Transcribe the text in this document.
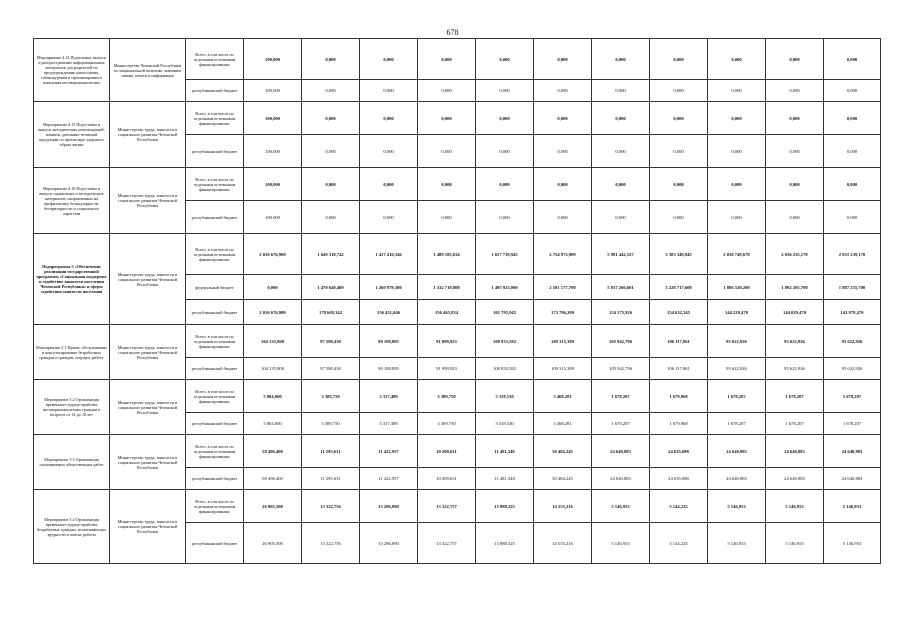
678
Мероприятие 4.14 Подготовка, выпуск и распространение информационных материалов для родителей по предупреждению алкоголизма, табакокурения и противоправного поведения несовершеннолетних	Министерство Чеченской Республики по национальной политике, внешним связям, печати и информации	Всего, в том числе по отдельным источникам финансирования:	100,000	0,000	0,000	0,000	0,000	0,000	0,000	0,000	0,000	0,000	0,000
		республиканский бюджет	100,000	0,000	0,000	0,000	0,000	0,000	0,000	0,000	0,000	0,000	0,000
Мероприятие 4.15 Подготовка и выпуск методических рекомендаций, памяток, рекламно-печатной продукции по пропаганде здорового образа жизни	Министерство труда, занятости и социального развития Чеченской Республики	Всего, в том числе по отдельным источникам финансирования:	100,000	0,000	0,000	0,000	0,000	0,000	0,000	0,000	0,000	0,000	0,000
		республиканский бюджет	100,000	0,000	0,000	0,000	0,000	0,000	0,000	0,000	0,000	0,000	0,000
Мероприятие 4.16 Подготовка и выпуск справочных и методических материалов, направленных на профилактику безнадзорности, беспризорности и социального сиротства	Министерство труда, занятости и социального развития Чеченской Республики	Всего, в том числе по отдельным источникам финансирования:	100,000	0,000	0,000	0,000	0,000	0,000	0,000	0,000	0,000	0,000	0,000
		республиканский бюджет	100,000	0,000	0,000	0,000	0,000	0,000	0,000	0,000	0,000	0,000	0,000
Подпрограмма 5 «Обеспечение реализации государственной программы «Социальная поддержка и содействие занятости населения Чеченской Республики» и сферы содействия занятости населения	Министерство труда, занятости и социального развития Чеченской Республики	Всего, в том числе по отдельным источникам финансирования:	2 016 676,900	1 649 318,742	1 417 410,346	1 489 185,634	1 657 718,945	2 754 973,909	5 991 442,527	3 383 349,945	2 030 749,670	2 036 235,170	2 031 239,170
		федеральный бюджет	0,000	1 470 649,400	1 260 979,300	1 332 719,800	1 495 923,000	2 581 177,700	5 837 266,601	3 228 717,600	1 886 520,200	1 892 205,700	1 887 255,700
		республиканский бюджет	2 016 676,900	178 669,342	156 431,046	156 465,834	161 795,945	173 796,209	154 175,926	154 632,345	144 229,470	144 029,470	143 979,470
Мероприятие 5.1 Прием, обслуживание и консультирование безработных граждан и граждан, ищущих работу	Министерство труда, занятости и социального развития Чеченской Республики	Всего, в том числе по отдельным источникам финансирования:	104 135,800	97 580,430	90 188,895	91 099,923	100 933,582	109 315,389	105 942,796	106 117,861	95 622,926	95 622,926	95 622,926
		республиканский бюджет	104 135,800	97 580,430	90 188,895	91 099,923	100 933,582	109 315,389	105 942,796	106 117,861	95 622,926	95 622,926	95 622,926
Мероприятие 5.2 Организация временного трудоустройства несовершеннолетних граждан в возрасте от 14 до 18 лет	Министерство труда, занятости и социального развития Чеченской Республики	Всего, в том числе по отдельным источникам финансирования:	5 804,000	3 309,750	3 317,489	3 309,750	3 318,530	3 468,281	1 678,207	1 679,968	1 678,207	1 678,207	1 678,207
		республиканский бюджет	5 804,000	3 309,750	3 317,489	3 309,750	3 318,530	3 468,281	1 678,207	1 679,968	1 678,207	1 678,207	1 678,207
Мероприятие 5.3 Организация оплачиваемых общественных работ	Министерство труда, занятости и социального развития Чеченской Республики	Всего, в том числе по отдельным источникам финансирования:	58 496,400	11 295,631	11 422,957	10 209,631	11 481,348	30 484,245	24 640,883	24 635,088	24 640,883	24 640,883	24 640,883
		республиканский бюджет	58 496,400	11 295,631	11 422,957	10 209,631	11 481,348	30 484,245	24 640,883	24 635,088	24 640,883	24 640,883	24 640,883
Мероприятие 5.4 Организация временного трудоустройства безработных граждан, испытывающих трудности в поиске работы	Министерство труда, занятости и социального развития Чеченской Республики	Всего, в том числе по отдельным источникам финансирования:	26 905,500	13 322,756	13 286,890	13 322,757	13 888,325	14 553,216	5 146,953	5 144,225	5 146,953	5 146,953	5 146,953
		республиканский бюджет	26 905,500	13 322,756	13 286,890	13 322,757	13 888,325	14 553,216	5 146,953	5 144,225	5 146,953	5 146,953	5 146,953
